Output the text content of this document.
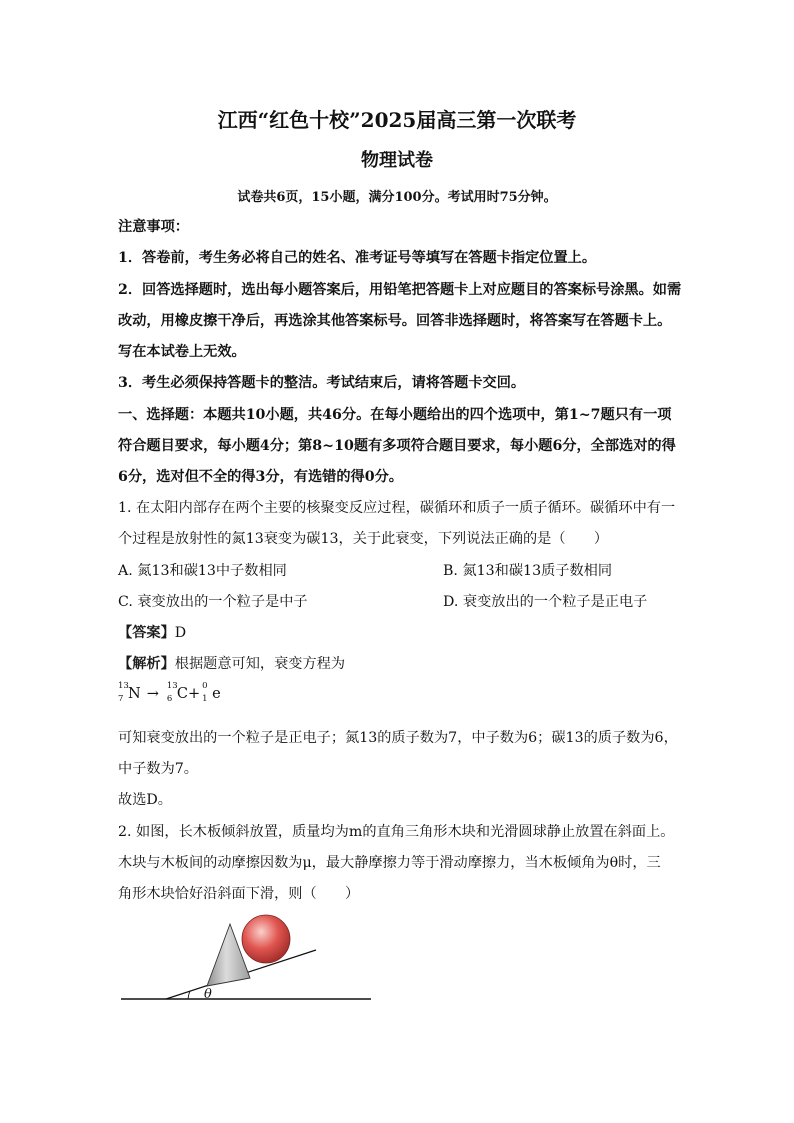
江西“红色十校”2025届高三第一次联考
物理试卷
试卷共6页，15小题，满分100分。考试用时75分钟。
注意事项：
1．答卷前，考生务必将自己的姓名、准考证号等填写在答题卡指定位置上。
2．回答选择题时，选出每小题答案后，用铅笔把答题卡上对应题目的答案标号涂黑。如需
改动，用橡皮擦干净后，再选涂其他答案标号。回答非选择题时，将答案写在答题卡上。
写在本试卷上无效。
3．考生必须保持答题卡的整洁。考试结束后，请将答题卡交回。
一、选择题：本题共10小题，共46分。在每小题给出的四个选项中，第1~7题只有一项
符合题目要求，每小题4分；第8~10题有多项符合题目要求，每小题6分，全部选对的得
6分，选对但不全的得3分，有选错的得0分。
1. 在太阳内部存在两个主要的核聚变反应过程，碳循环和质子一质子循环。碳循环中有一
个过程是放射性的氮13衰变为碳13，关于此衰变，下列说法正确的是（　　）
A. 氮13和碳13中子数相同	B. 氮13和碳13质子数相同
C. 衰变放出的一个粒子是中子	D. 衰变放出的一个粒子是正电子
【答案】D
【解析】根据题意可知，衰变方程为
13
7 N → 13
6 C+ 0
1 e
可知衰变放出的一个粒子是正电子；氮13的质子数为7，中子数为6；碳13的质子数为6，
中子数为7。
故选D。
2. 如图，长木板倾斜放置，质量均为m的直角三角形木块和光滑圆球静止放置在斜面上。
木块与木板间的动摩擦因数为μ，最大静摩擦力等于滑动摩擦力，当木板倾角为θ时，三
角形木块恰好沿斜面下滑，则（　　）
θ
